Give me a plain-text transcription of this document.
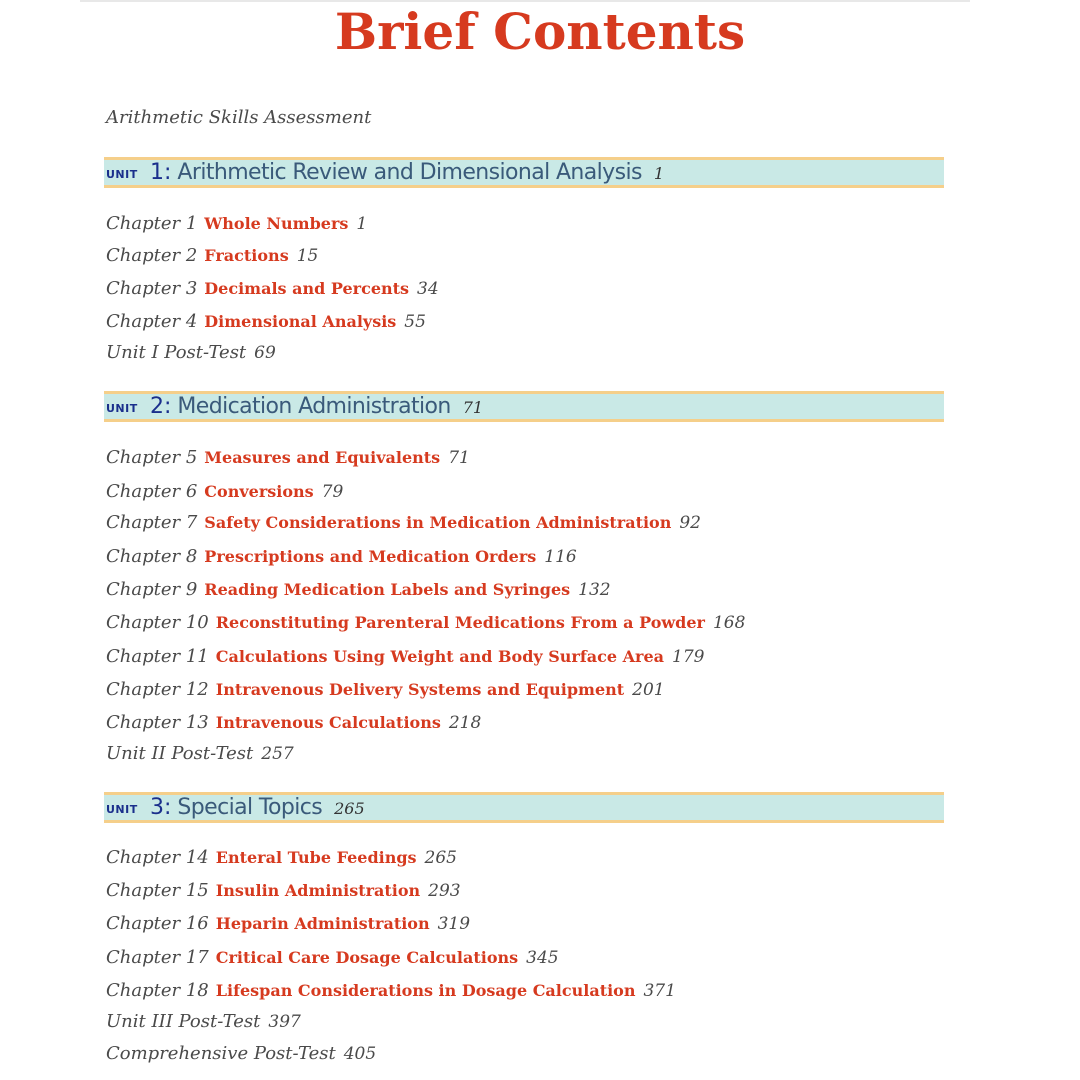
Brief Contents
Arithmetic Skills Assessment
UNIT 1: Arithmetic Review and Dimensional Analysis 1
Chapter 1 Whole Numbers 1
Chapter 2 Fractions 15
Chapter 3 Decimals and Percents 34
Chapter 4 Dimensional Analysis 55
Unit I Post-Test 69
UNIT 2: Medication Administration 71
Chapter 5 Measures and Equivalents 71
Chapter 6 Conversions 79
Chapter 7 Safety Considerations in Medication Administration 92
Chapter 8 Prescriptions and Medication Orders 116
Chapter 9 Reading Medication Labels and Syringes 132
Chapter 10 Reconstituting Parenteral Medications From a Powder 168
Chapter 11 Calculations Using Weight and Body Surface Area 179
Chapter 12 Intravenous Delivery Systems and Equipment 201
Chapter 13 Intravenous Calculations 218
Unit II Post-Test 257
UNIT 3: Special Topics 265
Chapter 14 Enteral Tube Feedings 265
Chapter 15 Insulin Administration 293
Chapter 16 Heparin Administration 319
Chapter 17 Critical Care Dosage Calculations 345
Chapter 18 Lifespan Considerations in Dosage Calculation 371
Unit III Post-Test 397
Comprehensive Post-Test 405
